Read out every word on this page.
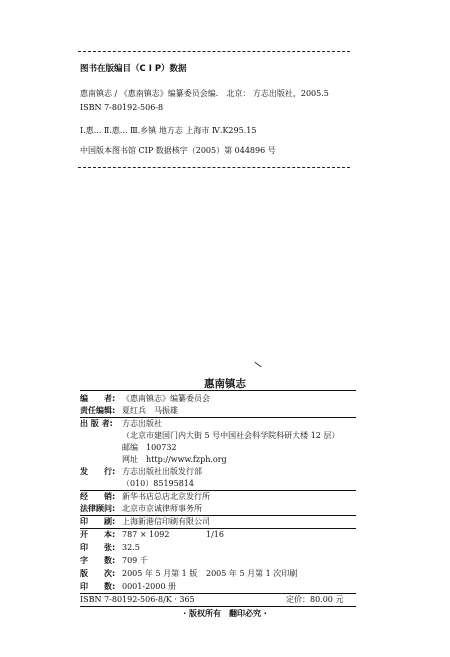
图书在版编目（C I P）数据
惠南镇志 / 《惠南镇志》编纂委员会编． 北京： 方志出版社，2005.5
ISBN 7-80192-506-8
Ⅰ.惠... Ⅱ.惠... Ⅲ.乡镇 地方志 上海市 Ⅳ.K295.15
中国版本图书馆 CIP 数据核字（2005）第 044896 号
惠南镇志
编　　者: 《惠南镇志》编纂委员会
责任编辑: 夏红兵　马振雄
出 版 者: 方志出版社
（北京市建国门内大街 5 号中国社会科学院科研大楼 12 层）
邮编　100732
网址　http://www.fzph.org
发　　行: 方志出版社出版发行部
（010）85195814
经　　销: 新华书店总店北京发行所
法律顾问: 北京市京诚律师事务所
印　　刷: 上海新港信印刷有限公司
开　　本: 787 × 1092	1/16
印　　张: 32.5
字　　数: 709 千
版　　次: 2005 年 5 月第 1 版 2005 年 5 月第 1 次印刷
印　　数: 0001-2000 册
ISBN 7-80192-506-8/K · 365	定价：80.00 元
· 版权所有　翻印必究 ·
